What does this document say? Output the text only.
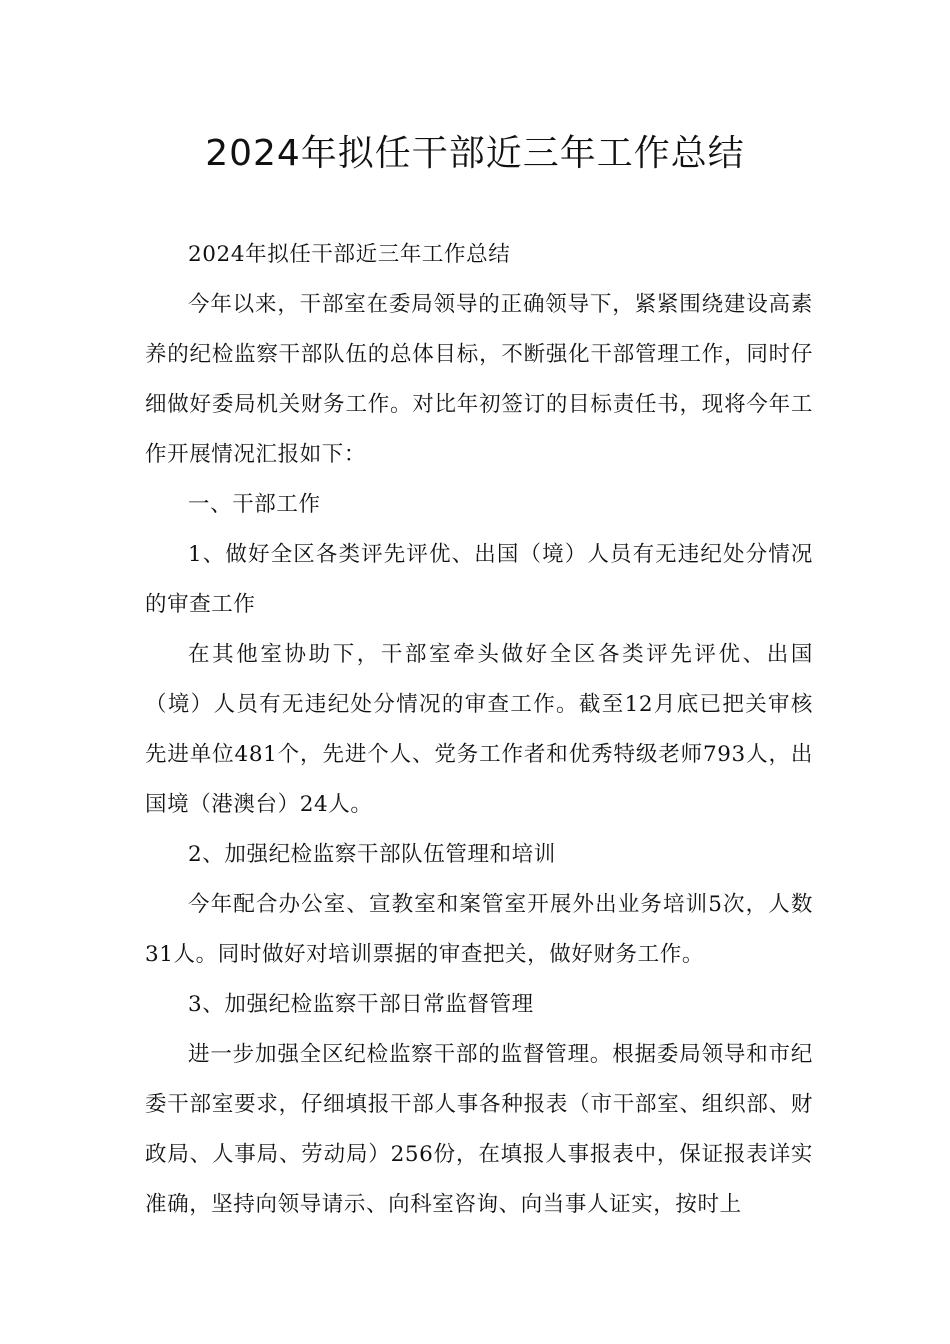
2024年拟任干部近三年工作总结

2024年拟任干部近三年工作总结

今年以来，干部室在委局领导的正确领导下，紧紧围绕建设高素养的纪检监察干部队伍的总体目标，不断强化干部管理工作，同时仔细做好委局机关财务工作。对比年初签订的目标责任书，现将今年工作开展情况汇报如下：

一、干部工作

1、做好全区各类评先评优、出国（境）人员有无违纪处分情况的审查工作

在其他室协助下，干部室牵头做好全区各类评先评优、出国（境）人员有无违纪处分情况的审查工作。截至12月底已把关审核先进单位481个，先进个人、党务工作者和优秀特级老师793人，出国境（港澳台）24人。

2、加强纪检监察干部队伍管理和培训

今年配合办公室、宣教室和案管室开展外出业务培训5次，人数31人。同时做好对培训票据的审查把关，做好财务工作。

3、加强纪检监察干部日常监督管理

进一步加强全区纪检监察干部的监督管理。根据委局领导和市纪委干部室要求，仔细填报干部人事各种报表（市干部室、组织部、财政局、人事局、劳动局）256份，在填报人事报表中，保证报表详实准确，坚持向领导请示、向科室咨询、向当事人证实，按时上
